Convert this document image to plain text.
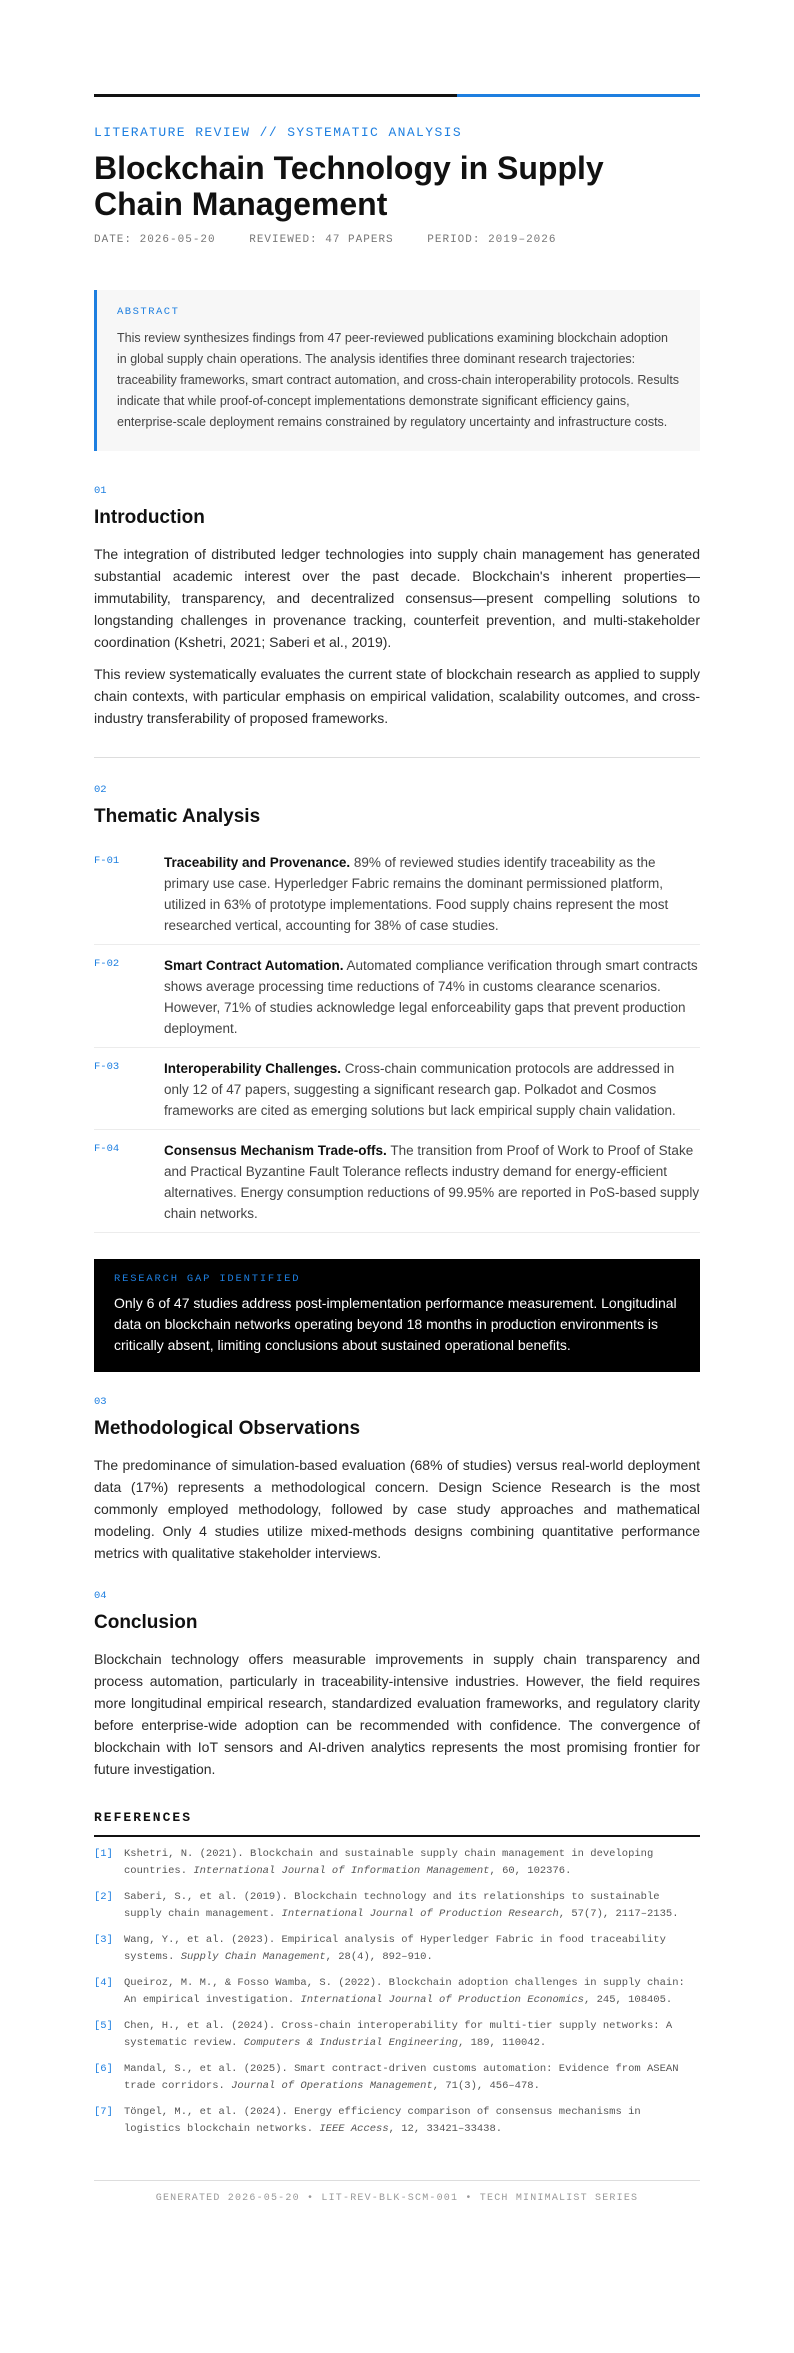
LITERATURE REVIEW // SYSTEMATIC ANALYSIS
Blockchain Technology in Supply Chain Management
DATE: 2026-05-20	REVIEWED: 47 PAPERS	PERIOD: 2019–2026
ABSTRACT
This review synthesizes findings from 47 peer-reviewed publications examining blockchain adoption in global supply chain operations. The analysis identifies three dominant research trajectories: traceability frameworks, smart contract automation, and cross-chain interoperability protocols. Results indicate that while proof-of-concept implementations demonstrate significant efficiency gains, enterprise-scale deployment remains constrained by regulatory uncertainty and infrastructure costs.
01
Introduction

The integration of distributed ledger technologies into supply chain management has generated substantial academic interest over the past decade. Blockchain's inherent properties—immutability, transparency, and decentralized consensus—present compelling solutions to longstanding challenges in provenance tracking, counterfeit prevention, and multi-stakeholder coordination (Kshetri, 2021; Saberi et al., 2019).

This review systematically evaluates the current state of blockchain research as applied to supply chain contexts, with particular emphasis on empirical validation, scalability outcomes, and cross-industry transferability of proposed frameworks.

02
Thematic Analysis
F-01	Traceability and Provenance. 89% of reviewed studies identify traceability as the primary use case. Hyperledger Fabric remains the dominant permissioned platform, utilized in 63% of prototype implementations. Food supply chains represent the most researched vertical, accounting for 38% of case studies.
F-02	Smart Contract Automation. Automated compliance verification through smart contracts shows average processing time reductions of 74% in customs clearance scenarios. However, 71% of studies acknowledge legal enforceability gaps that prevent production deployment.
F-03	Interoperability Challenges. Cross-chain communication protocols are addressed in only 12 of 47 papers, suggesting a significant research gap. Polkadot and Cosmos frameworks are cited as emerging solutions but lack empirical supply chain validation.
F-04	Consensus Mechanism Trade-offs. The transition from Proof of Work to Proof of Stake and Practical Byzantine Fault Tolerance reflects industry demand for energy-efficient alternatives. Energy consumption reductions of 99.95% are reported in PoS-based supply chain networks.
RESEARCH GAP IDENTIFIED
Only 6 of 47 studies address post-implementation performance measurement. Longitudinal data on blockchain networks operating beyond 18 months in production environments is critically absent, limiting conclusions about sustained operational benefits.
03
Methodological Observations

The predominance of simulation-based evaluation (68% of studies) versus real-world deployment data (17%) represents a methodological concern. Design Science Research is the most commonly employed methodology, followed by case study approaches and mathematical modeling. Only 4 studies utilize mixed-methods designs combining quantitative performance metrics with qualitative stakeholder interviews.

04
Conclusion

Blockchain technology offers measurable improvements in supply chain transparency and process automation, particularly in traceability-intensive industries. However, the field requires more longitudinal empirical research, standardized evaluation frameworks, and regulatory clarity before enterprise-wide adoption can be recommended with confidence. The convergence of blockchain with IoT sensors and AI-driven analytics represents the most promising frontier for future investigation.

REFERENCES
[1]	Kshetri, N. (2021). Blockchain and sustainable supply chain management in developing countries. International Journal of Information Management, 60, 102376.
[2]	Saberi, S., et al. (2019). Blockchain technology and its relationships to sustainable supply chain management. International Journal of Production Research, 57(7), 2117–2135.
[3]	Wang, Y., et al. (2023). Empirical analysis of Hyperledger Fabric in food traceability systems. Supply Chain Management, 28(4), 892–910.
[4]	Queiroz, M. M., & Fosso Wamba, S. (2022). Blockchain adoption challenges in supply chain: An empirical investigation. International Journal of Production Economics, 245, 108405.
[5]	Chen, H., et al. (2024). Cross-chain interoperability for multi-tier supply networks: A systematic review. Computers & Industrial Engineering, 189, 110042.
[6]	Mandal, S., et al. (2025). Smart contract-driven customs automation: Evidence from ASEAN trade corridors. Journal of Operations Management, 71(3), 456–478.
[7]	Töngel, M., et al. (2024). Energy efficiency comparison of consensus mechanisms in logistics blockchain networks. IEEE Access, 12, 33421–33438.
GENERATED 2026-05-20 • LIT-REV-BLK-SCM-001 • TECH MINIMALIST SERIES
